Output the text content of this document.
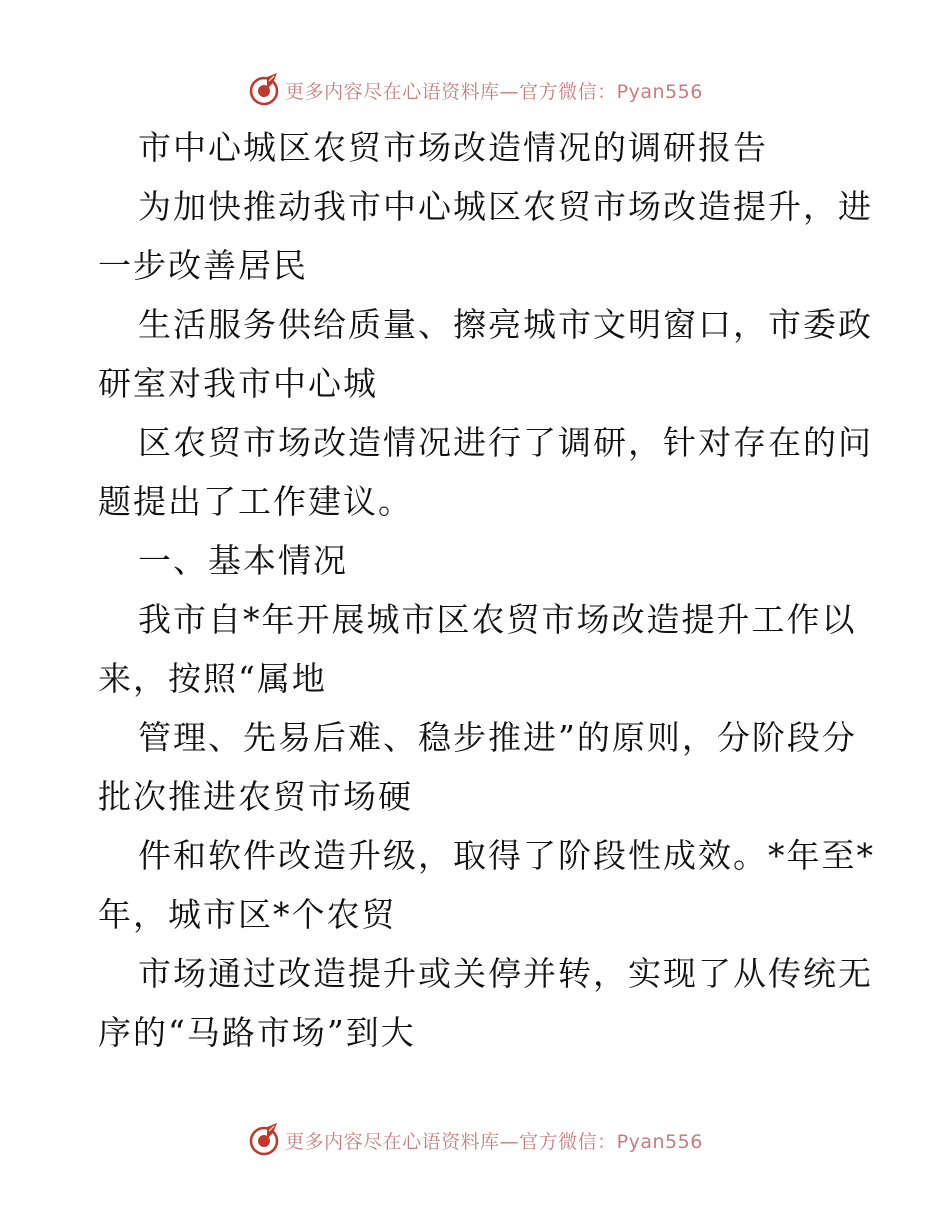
更多内容尽在心语资料库—官方微信：Pyan556
市中心城区农贸市场改造情况的调研报告
为加快推动我市中心城区农贸市场改造提升，进
一步改善居民
生活服务供给质量、擦亮城市文明窗口，市委政
研室对我市中心城
区农贸市场改造情况进行了调研，针对存在的问
题提出了工作建议。
一、基本情况
我市自*年开展城市区农贸市场改造提升工作以
来，按照“属地
管理、先易后难、稳步推进”的原则，分阶段分
批次推进农贸市场硬
件和软件改造升级，取得了阶段性成效。*年至*
年，城市区*个农贸
市场通过改造提升或关停并转，实现了从传统无
序的“马路市场”到大
更多内容尽在心语资料库—官方微信：Pyan556
